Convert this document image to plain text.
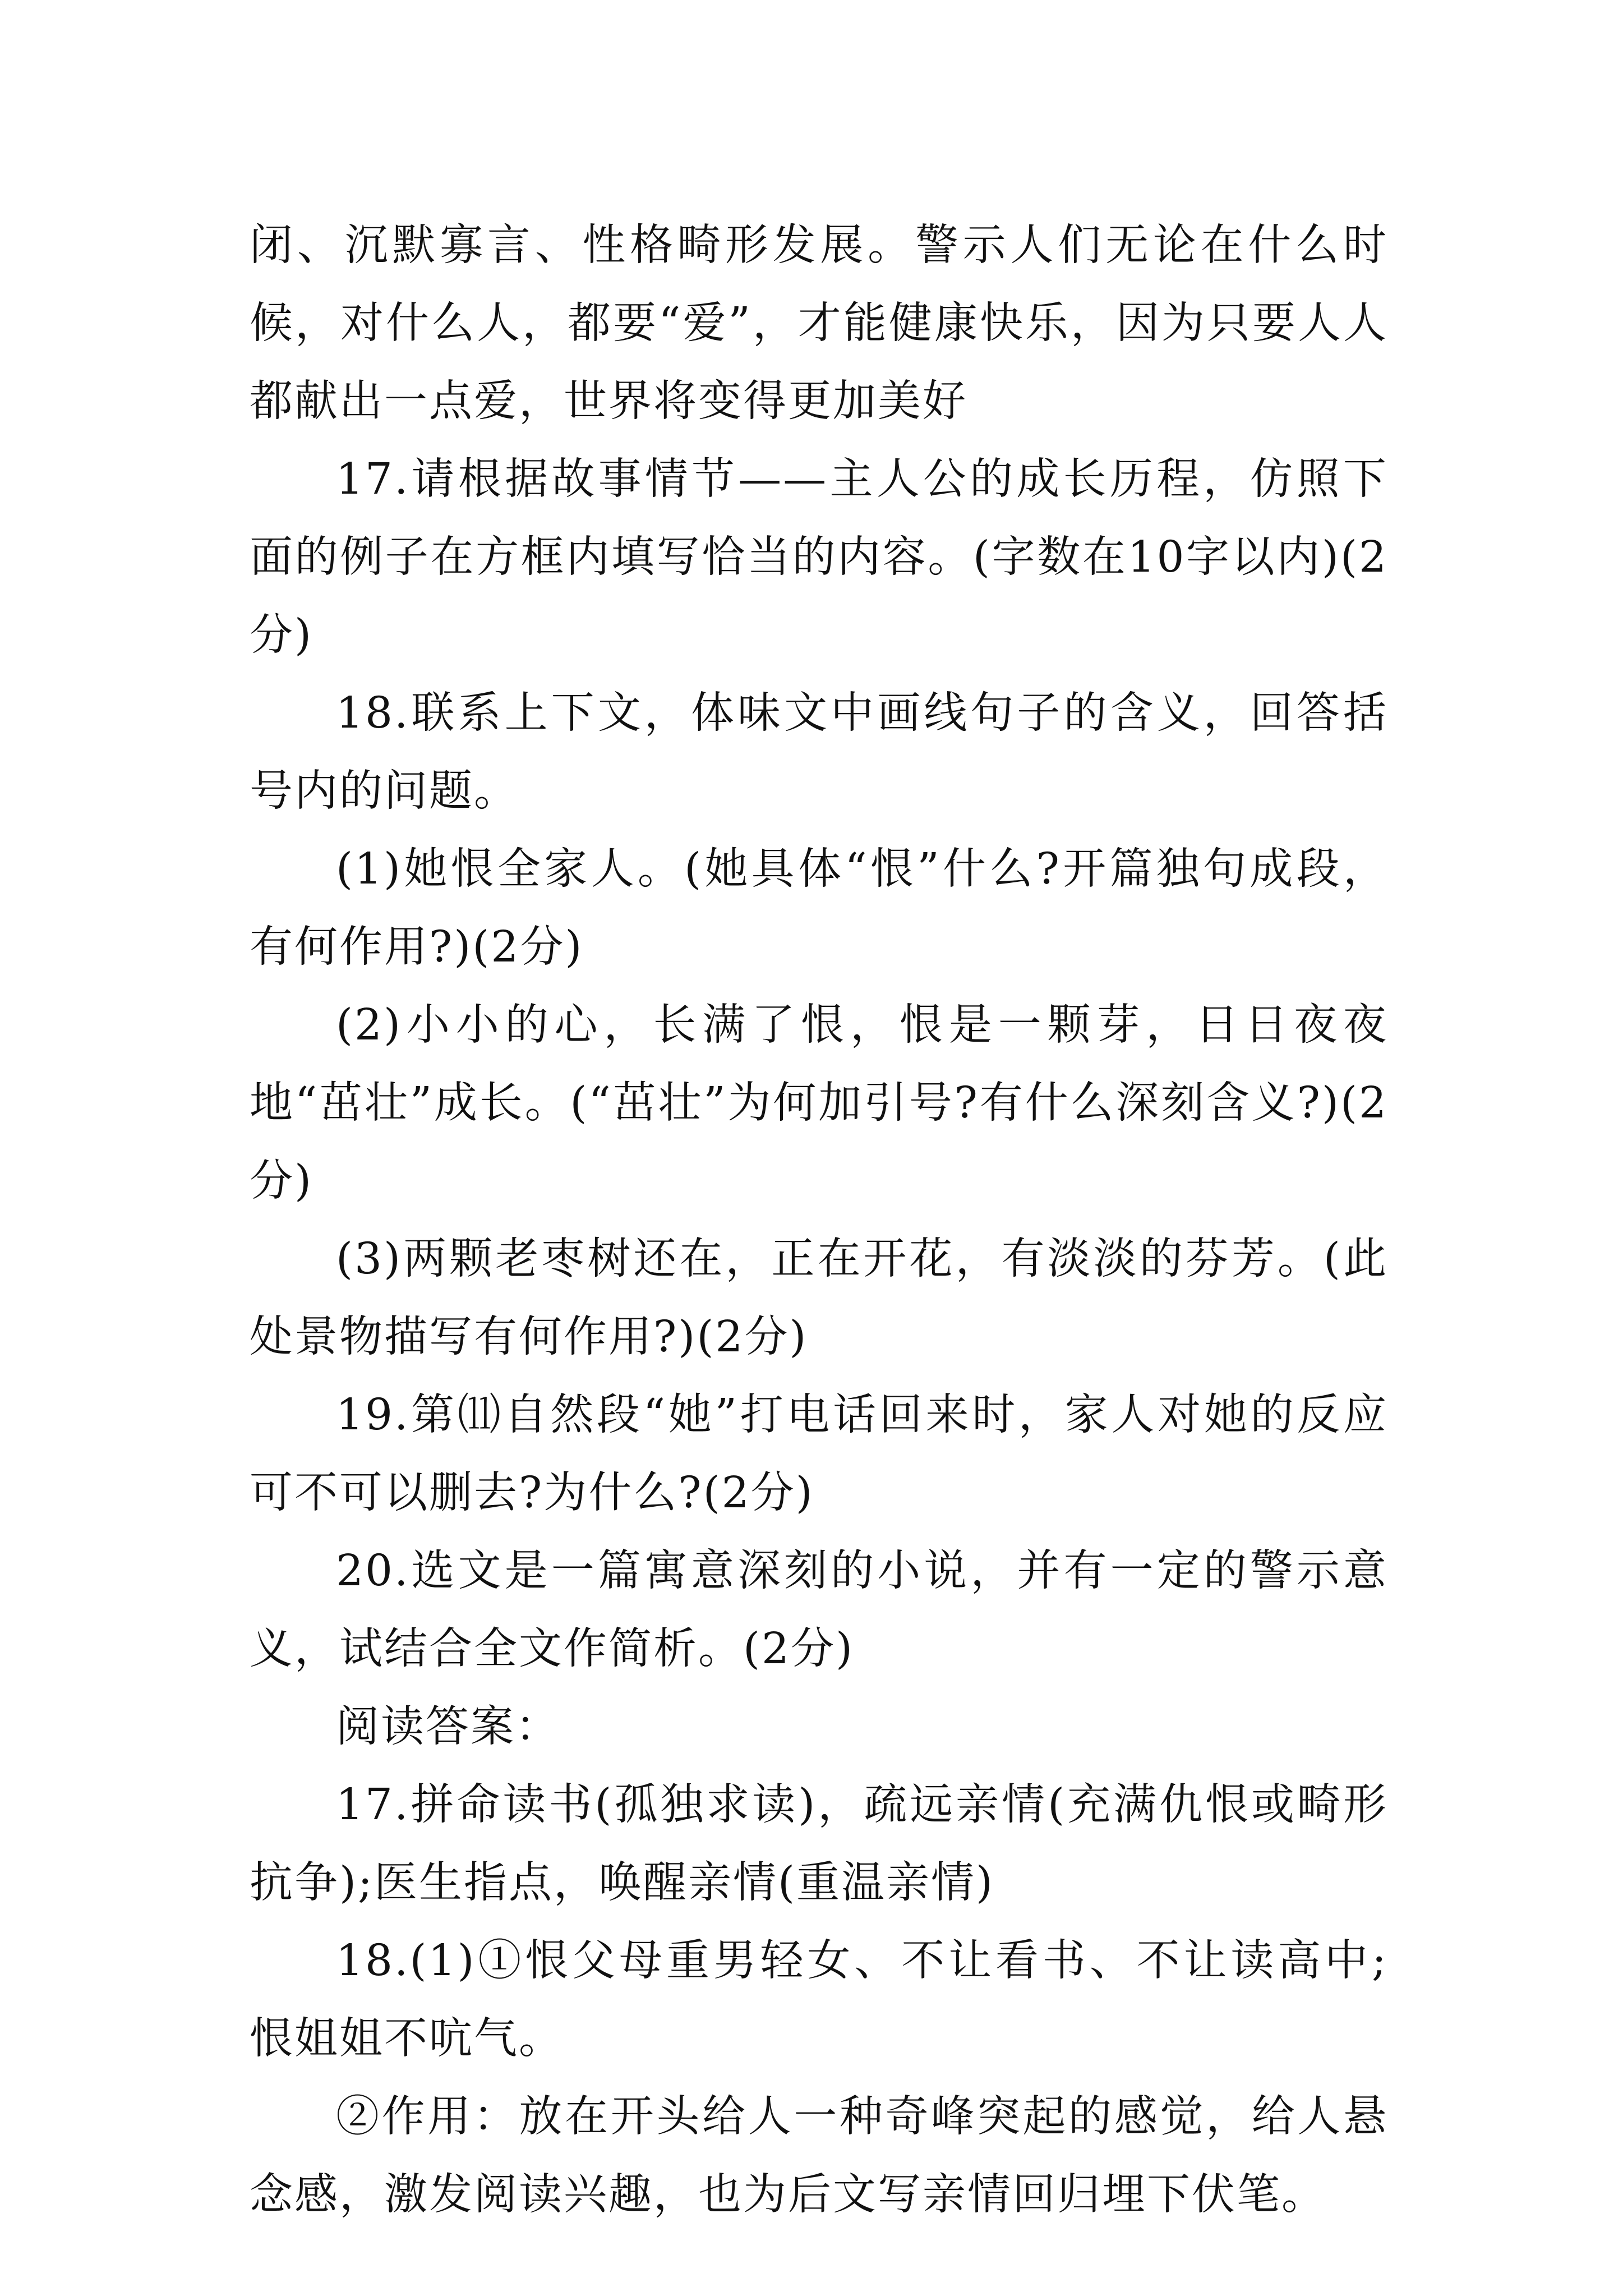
闭、沉默寡言、性格畸形发展。警示人们无论在什么时候，对什么人，都要“爱”，才能健康快乐，因为只要人人都献出一点爱，世界将变得更加美好

17.请根据故事情节——主人公的成长历程，仿照下面的例子在方框内填写恰当的内容。(字数在10字以内)(2分)

18.联系上下文，体味文中画线句子的含义，回答括号内的问题。

(1)她恨全家人。(她具体“恨”什么?开篇独句成段，有何作用?)(2分)

(2)小小的心，长满了恨，恨是一颗芽，日日夜夜地“茁壮”成长。(“茁壮”为何加引号?有什么深刻含义?)(2分)

(3)两颗老枣树还在，正在开花，有淡淡的芬芳。(此处景物描写有何作用?)(2分)

19.第⑾自然段“她”打电话回来时，家人对她的反应可不可以删去?为什么?(2分)

20.选文是一篇寓意深刻的小说，并有一定的警示意义，试结合全文作简析。(2分)

阅读答案：

17.拼命读书(孤独求读)，疏远亲情(充满仇恨或畸形抗争);医生指点，唤醒亲情(重温亲情)

18.(1)①恨父母重男轻女、不让看书、不让读高中;恨姐姐不吭气。

②作用：放在开头给人一种奇峰突起的感觉，给人悬念感，激发阅读兴趣，也为后文写亲情回归埋下伏笔。
